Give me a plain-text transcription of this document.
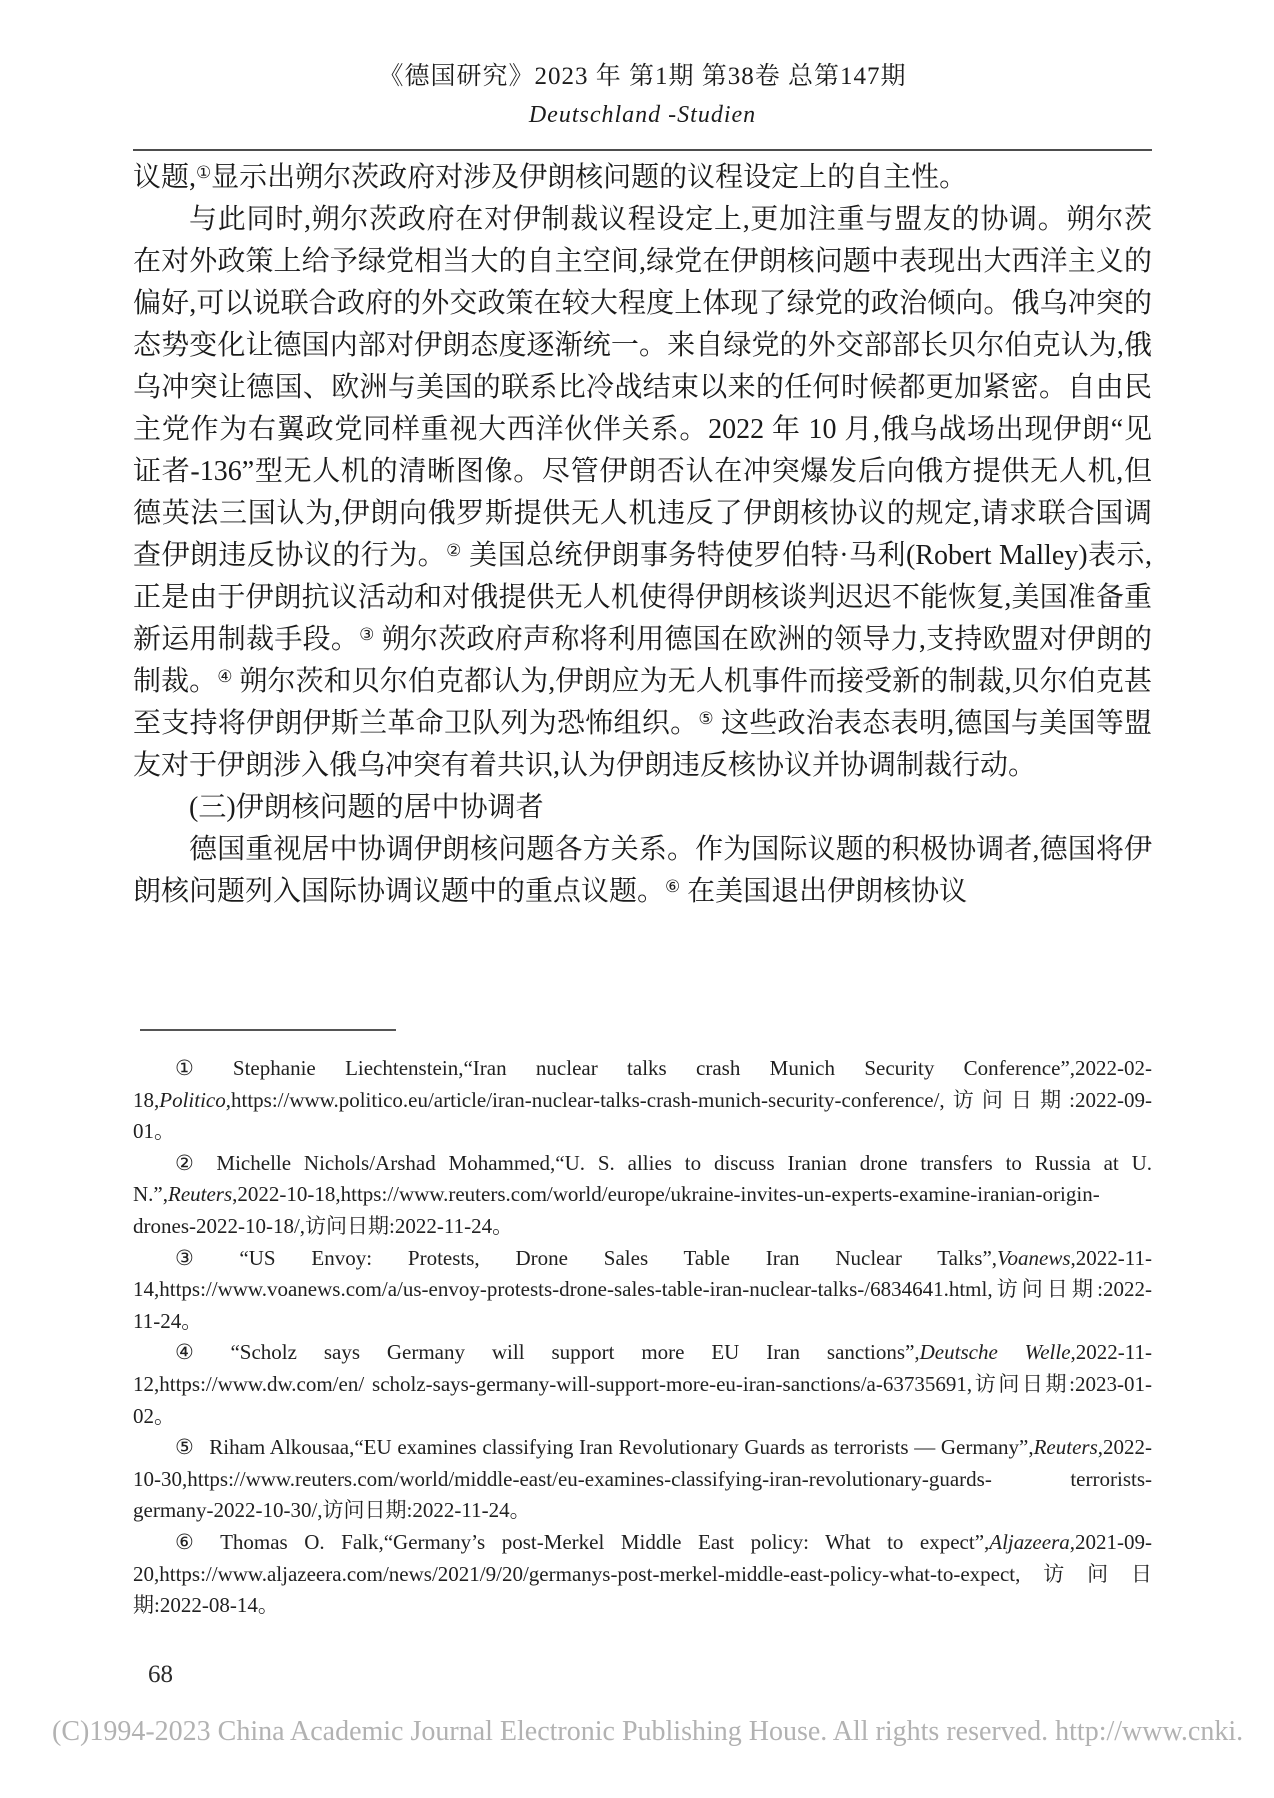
《德国研究》2023 年 第1期 第38卷 总第147期
Deutschland -Studien

议题,①显示出朔尔茨政府对涉及伊朗核问题的议程设定上的自主性。

与此同时,朔尔茨政府在对伊制裁议程设定上,更加注重与盟友的协调。朔尔茨在对外政策上给予绿党相当大的自主空间,绿党在伊朗核问题中表现出大西洋主义的偏好,可以说联合政府的外交政策在较大程度上体现了绿党的政治倾向。俄乌冲突的态势变化让德国内部对伊朗态度逐渐统一。来自绿党的外交部部长贝尔伯克认为,俄乌冲突让德国、欧洲与美国的联系比冷战结束以来的任何时候都更加紧密。自由民主党作为右翼政党同样重视大西洋伙伴关系。2022 年 10 月,俄乌战场出现伊朗“见证者-136”型无人机的清晰图像。尽管伊朗否认在冲突爆发后向俄方提供无人机,但德英法三国认为,伊朗向俄罗斯提供无人机违反了伊朗核协议的规定,请求联合国调查伊朗违反协议的行为。② 美国总统伊朗事务特使罗伯特·马利(Robert Malley)表示,正是由于伊朗抗议活动和对俄提供无人机使得伊朗核谈判迟迟不能恢复,美国准备重新运用制裁手段。③ 朔尔茨政府声称将利用德国在欧洲的领导力,支持欧盟对伊朗的制裁。④ 朔尔茨和贝尔伯克都认为,伊朗应为无人机事件而接受新的制裁,贝尔伯克甚至支持将伊朗伊斯兰革命卫队列为恐怖组织。⑤ 这些政治表态表明,德国与美国等盟友对于伊朗涉入俄乌冲突有着共识,认为伊朗违反核协议并协调制裁行动。

(三)伊朗核问题的居中协调者

德国重视居中协调伊朗核问题各方关系。作为国际议题的积极协调者,德国将伊朗核问题列入国际协调议题中的重点议题。⑥ 在美国退出伊朗核协议

① Stephanie Liechtenstein,“Iran nuclear talks crash Munich Security Conference”,2022-02-18,Politico,https://www.politico.eu/article/iran-nuclear-talks-crash-munich-security-conference/,访问日期:2022-09-01。

② Michelle Nichols/Arshad Mohammed,“U. S. allies to discuss Iranian drone transfers to Russia at U. N.”,Reuters,2022-10-18,https://www.reuters.com/world/europe/ukraine-invites-un-experts-examine-iranian-origin-drones-2022-10-18/,访问日期:2022-11-24。

③ “US Envoy: Protests, Drone Sales Table Iran Nuclear Talks”,Voanews,2022-11-14,https://www.voanews.com/a/us-envoy-protests-drone-sales-table-iran-nuclear-talks-/6834641.html,访问日期:2022-11-24。

④ “Scholz says Germany will support more EU Iran sanctions”,Deutsche Welle,2022-11-12,https://www.dw.com/en/ scholz-says-germany-will-support-more-eu-iran-sanctions/a-63735691,访问日期:2023-01-02。

⑤ Riham Alkousaa,“EU examines classifying Iran Revolutionary Guards as terrorists — Germany”,Reuters,2022-10-30,https://www.reuters.com/world/middle-east/eu-examines-classifying-iran-revolutionary-guards- terrorists-germany-2022-10-30/,访问日期:2022-11-24。

⑥ Thomas O. Falk,“Germany’s post-Merkel Middle East policy: What to expect”,Aljazeera,2021-09-20,https://www.aljazeera.com/news/2021/9/20/germanys-post-merkel-middle-east-policy-what-to-expect,访问日期:2022-08-14。

68
(C)1994-2023 China Academic Journal Electronic Publishing House. All rights reserved. http://www.cnki.
